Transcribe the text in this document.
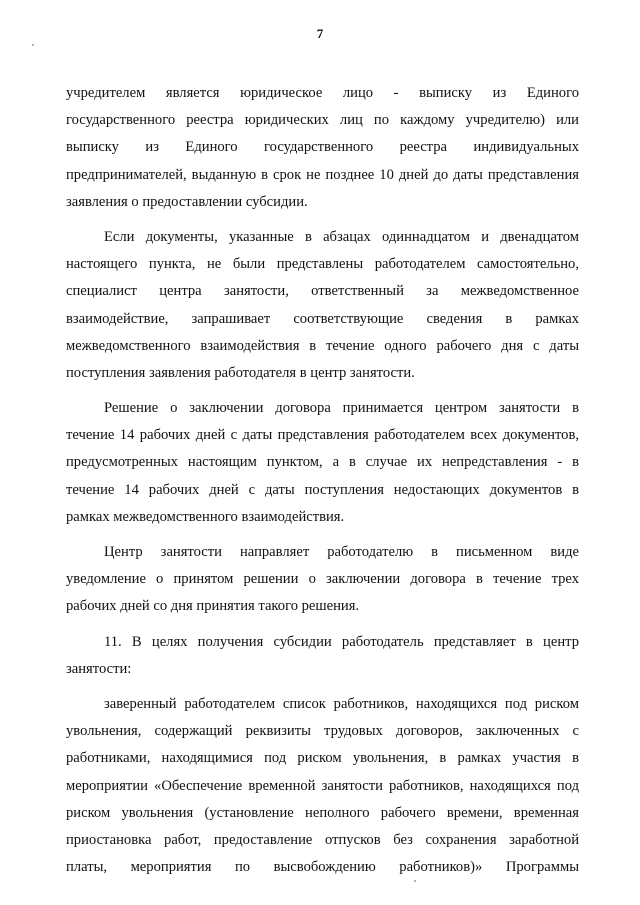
7
учредителем является юридическое лицо - выписку из Единого
государственного реестра юридических лиц по каждому учредителю) или
выписку из Единого государственного реестра индивидуальных
предпринимателей, выданную в срок не позднее 10 дней до даты представления
заявления о предоставлении субсидии.
Если документы, указанные в абзацах одиннадцатом и двенадцатом
настоящего пункта, не были представлены работодателем самостоятельно,
специалист центра занятости, ответственный за межведомственное
взаимодействие, запрашивает соответствующие сведения в рамках
межведомственного взаимодействия в течение одного рабочего дня с даты
поступления заявления работодателя в центр занятости.
Решение о заключении договора принимается центром занятости в
течение 14 рабочих дней с даты представления работодателем всех документов,
предусмотренных настоящим пунктом, а в случае их непредставления - в
течение 14 рабочих дней с даты поступления недостающих документов в
рамках межведомственного взаимодействия.
Центр занятости направляет работодателю в письменном виде
уведомление о принятом решении о заключении договора в течение трех
рабочих дней со дня принятия такого решения.
11. В целях получения субсидии работодатель представляет в центр
занятости:
заверенный работодателем список работников, находящихся под риском
увольнения, содержащий реквизиты трудовых договоров, заключенных с
работниками, находящимися под риском увольнения, в рамках участия в
мероприятии «Обеспечение временной занятости работников, находящихся под
риском увольнения (установление неполного рабочего времени, временная
приостановка работ, предоставление отпусков без сохранения заработной
платы, мероприятия по высвобождению работников)» Программы
